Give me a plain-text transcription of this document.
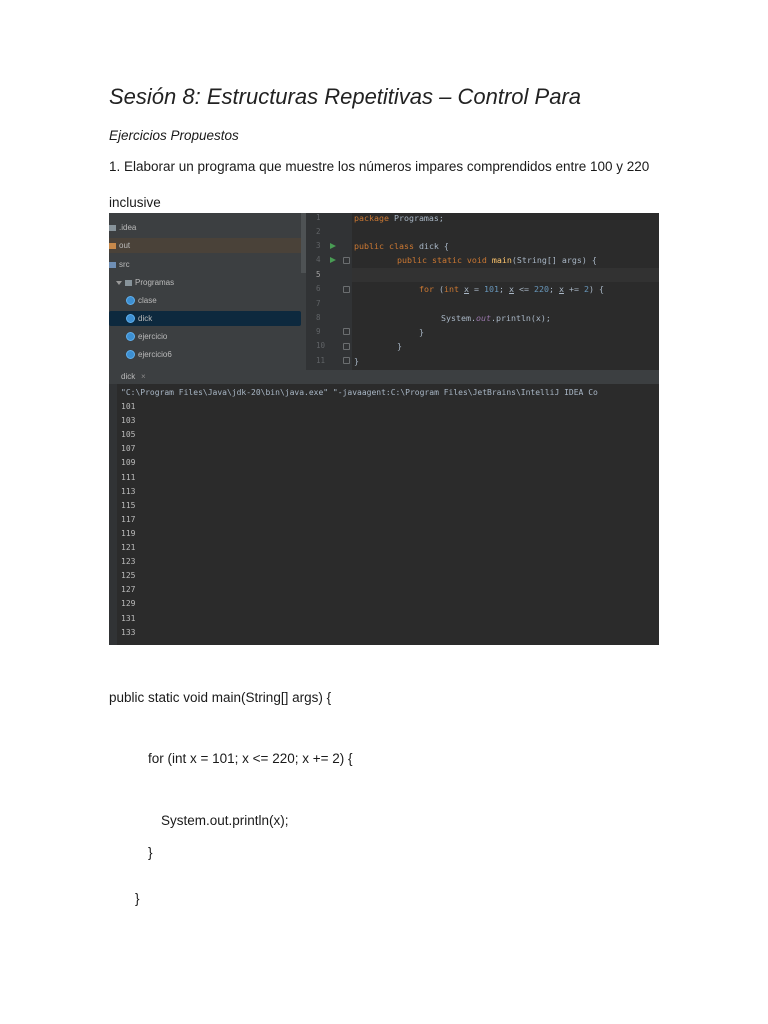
Sesión 8: Estructuras Repetitivas – Control Para
Ejercicios Propuestos
1. Elaborar un programa que muestre los números impares comprendidos entre 100 y 220
inclusive
.idea
out
src
Programas
clase
dick
ejercicio
ejercicio6
1
2
3
4
5
6
7
8
9
10
11
package Programas;
public class dick {
public static void main(String[] args) {
for (int x = 101; x <= 220; x += 2) {
System.out.println(x);
}
}
}
dick ×
"C:\Program Files\Java\jdk-20\bin\java.exe" "-javaagent:C:\Program Files\JetBrains\IntelliJ IDEA Co
101
103
105
107
109
111
113
115
117
119
121
123
125
127
129
131
133
public static void main(String[] args) {
for (int x = 101; x <= 220; x += 2) {
System.out.println(x);
}
}
